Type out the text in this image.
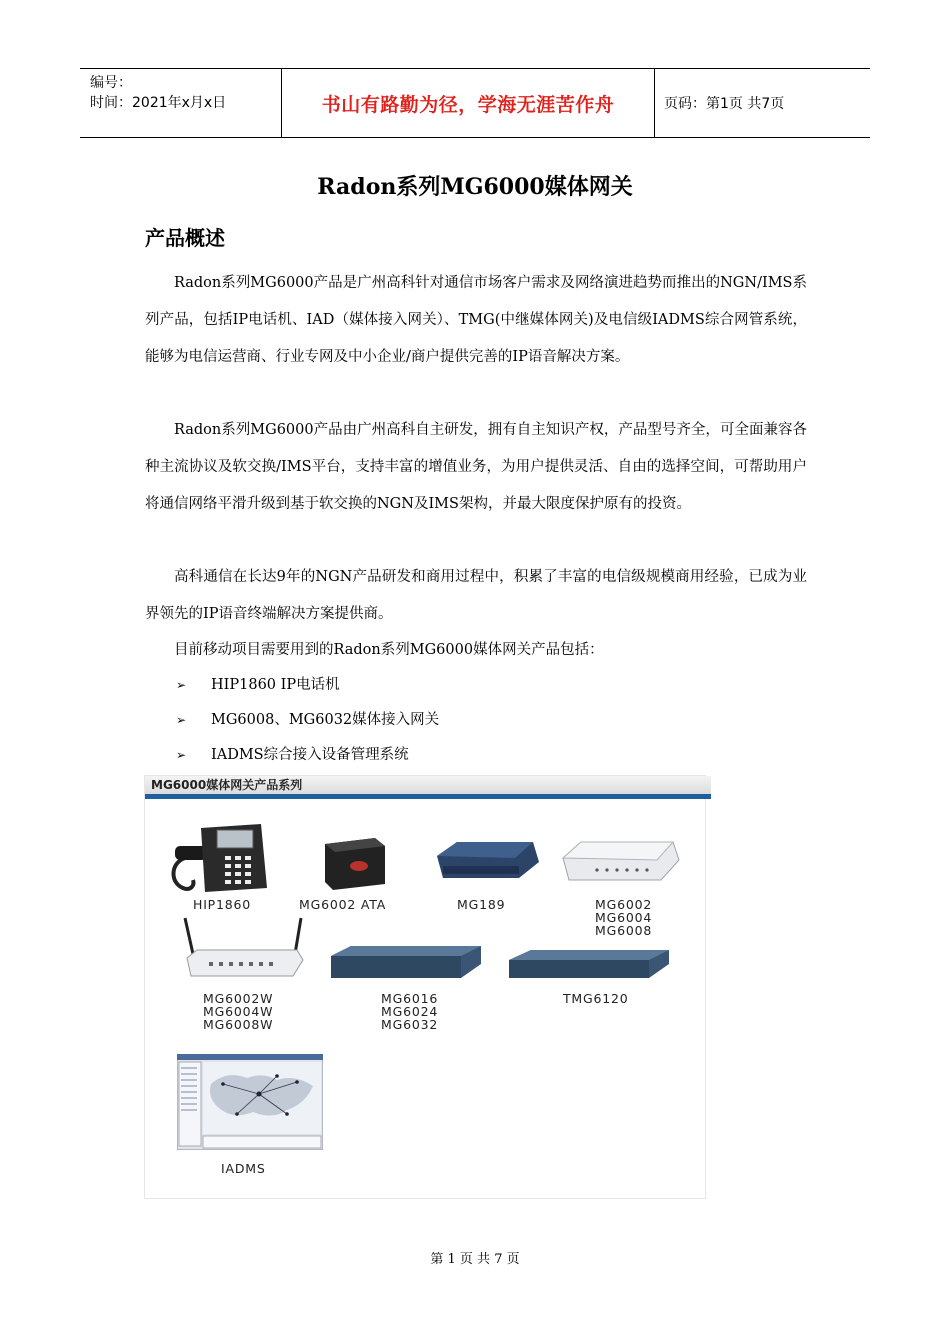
编号：
时间：2021年x月x日	书山有路勤为径，学海无涯苦作舟	页码：第1页 共7页
Radon系列MG6000媒体网关
产品概述
Radon系列MG6000产品是广州高科针对通信市场客户需求及网络演进趋势而推出的NGN/IMS系列产品，包括IP电话机、IAD（媒体接入网关）、TMG(中继媒体网关)及电信级IADMS综合网管系统，能够为电信运营商、行业专网及中小企业/商户提供完善的IP语音解决方案。
Radon系列MG6000产品由广州高科自主研发，拥有自主知识产权，产品型号齐全，可全面兼容各种主流协议及软交换/IMS平台，支持丰富的增值业务，为用户提供灵活、自由的选择空间，可帮助用户将通信网络平滑升级到基于软交换的NGN及IMS架构，并最大限度保护原有的投资。
高科通信在长达9年的NGN产品研发和商用过程中，积累了丰富的电信级规模商用经验，已成为业界领先的IP语音终端解决方案提供商。
目前移动项目需要用到的Radon系列MG6000媒体网关产品包括：
➢ HIP1860 IP电话机
➢ MG6008、MG6032媒体接入网关
➢ IADMS综合接入设备管理系统
MG6000媒体网关产品系列
HIP1860	MG6002 ATA	MG189	MG6002
MG6004
MG6008
MG6002W
MG6004W
MG6008W
MG6016
MG6024
MG6032
TMG6120
IADMS
第 1 页 共 7 页
